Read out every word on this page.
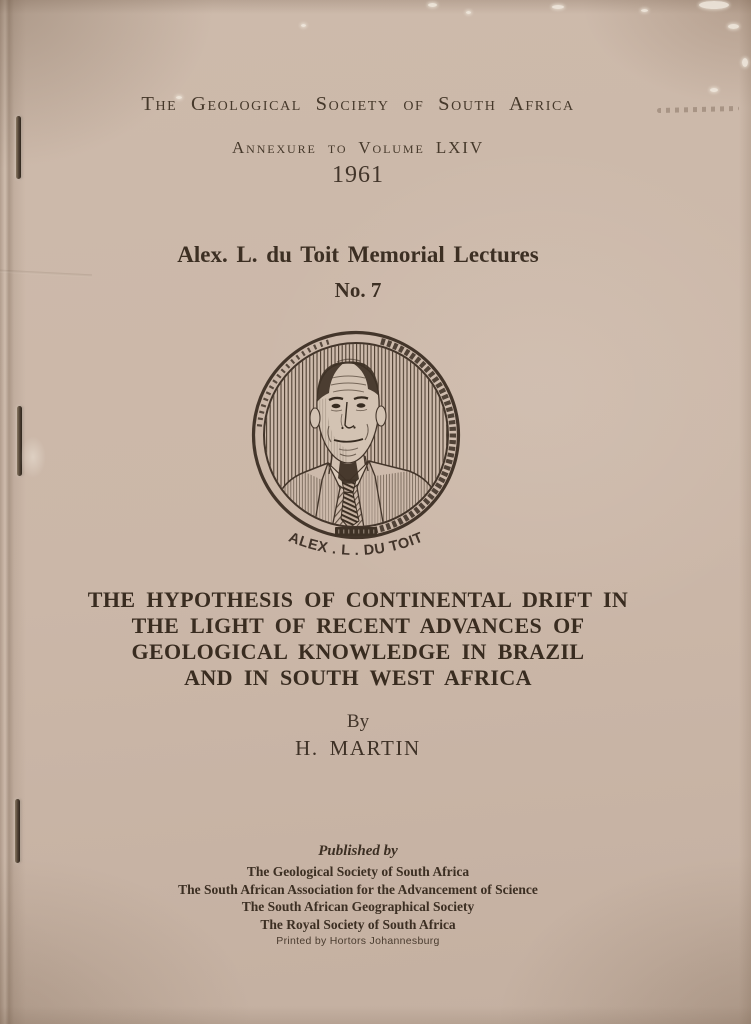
The Geological Society of South Africa
Annexure to Volume LXIV
1961
Alex. L. du Toit Memorial Lectures
No. 7
ALEX . L . DU TOIT
THE HYPOTHESIS OF CONTINENTAL DRIFT IN
THE LIGHT OF RECENT ADVANCES OF
GEOLOGICAL KNOWLEDGE IN BRAZIL
AND IN SOUTH WEST AFRICA
By
H. MARTIN
Published by
The Geological Society of South Africa
The South African Association for the Advancement of Science
The South African Geographical Society
The Royal Society of South Africa
Printed by Hortors Johannesburg
